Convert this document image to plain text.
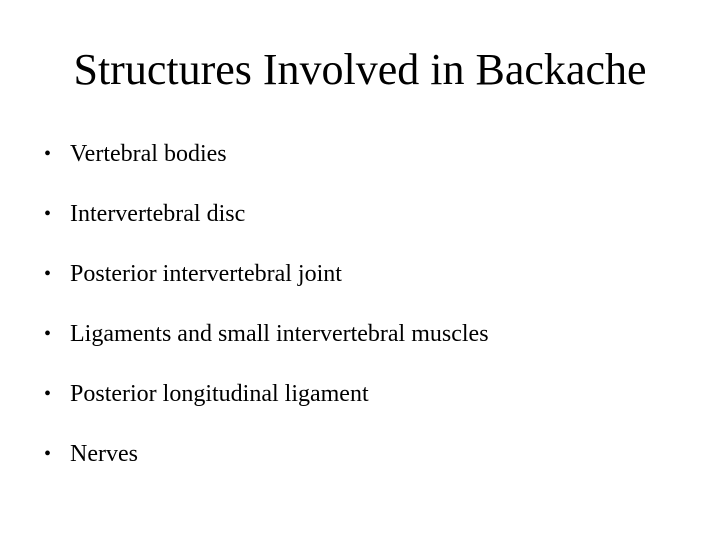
Structures Involved in Backache
• Vertebral bodies
• Intervertebral disc
• Posterior intervertebral joint
• Ligaments and small intervertebral muscles
• Posterior longitudinal ligament
• Nerves
